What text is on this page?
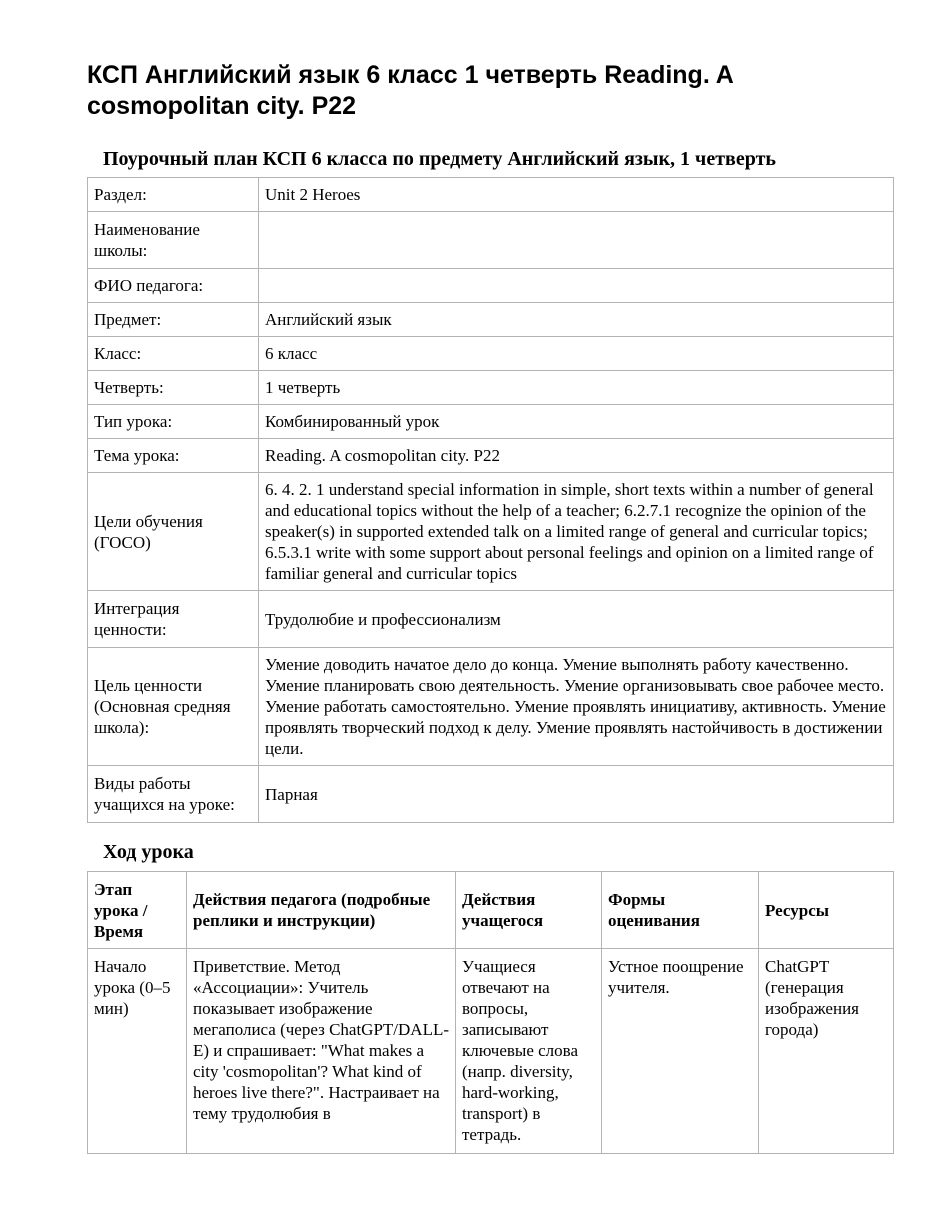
КСП Английский язык 6 класс 1 четверть Reading. A cosmopolitan city. P22
Поурочный план КСП 6 класса по предмету Английский язык, 1 четверть
Раздел:	Unit 2 Heroes
Наименование школы:	
ФИО педагога:	
Предмет:	Английский язык
Класс:	6 класс
Четверть:	1 четверть
Тип урока:	Комбинированный урок
Тема урока:	Reading. A cosmopolitan city. P22
Цели обучения (ГОСО)	6. 4. 2. 1 understand special information in simple, short texts within a number of general and educational topics without the help of a teacher; 6.2.7.1 recognize the opinion of the speaker(s) in supported extended talk on a limited range of general and curricular topics; 6.5.3.1 write with some support about personal feelings and opinion on a limited range of familiar general and curricular topics
Интеграция ценности:	Трудолюбие и профессионализм
Цель ценности (Основная средняя школа):	Умение доводить начатое дело до конца. Умение выполнять работу качественно. Умение планировать свою деятельность. Умение организовывать свое рабочее место. Умение работать самостоятельно. Умение проявлять инициативу, активность. Умение проявлять творческий подход к делу. Умение проявлять настойчивость в достижении цели.
Виды работы учащихся на уроке:	Парная
Ход урока
Этап урока / Время	Действия педагога (подробные реплики и инструкции)	Действия учащегося	Формы оценивания	Ресурсы
Начало урока (0–5 мин)	Приветствие. Метод «Ассоциации»: Учитель показывает изображение мегаполиса (через ChatGPT/DALL-E) и спрашивает: "What makes a city 'cosmopolitan'? What kind of heroes live there?". Настраивает на тему трудолюбия в	Учащиеся отвечают на вопросы, записывают ключевые слова (напр. diversity, hard-working, transport) в тетрадь.	Устное поощрение учителя.	ChatGPT (генерация изображения города)
